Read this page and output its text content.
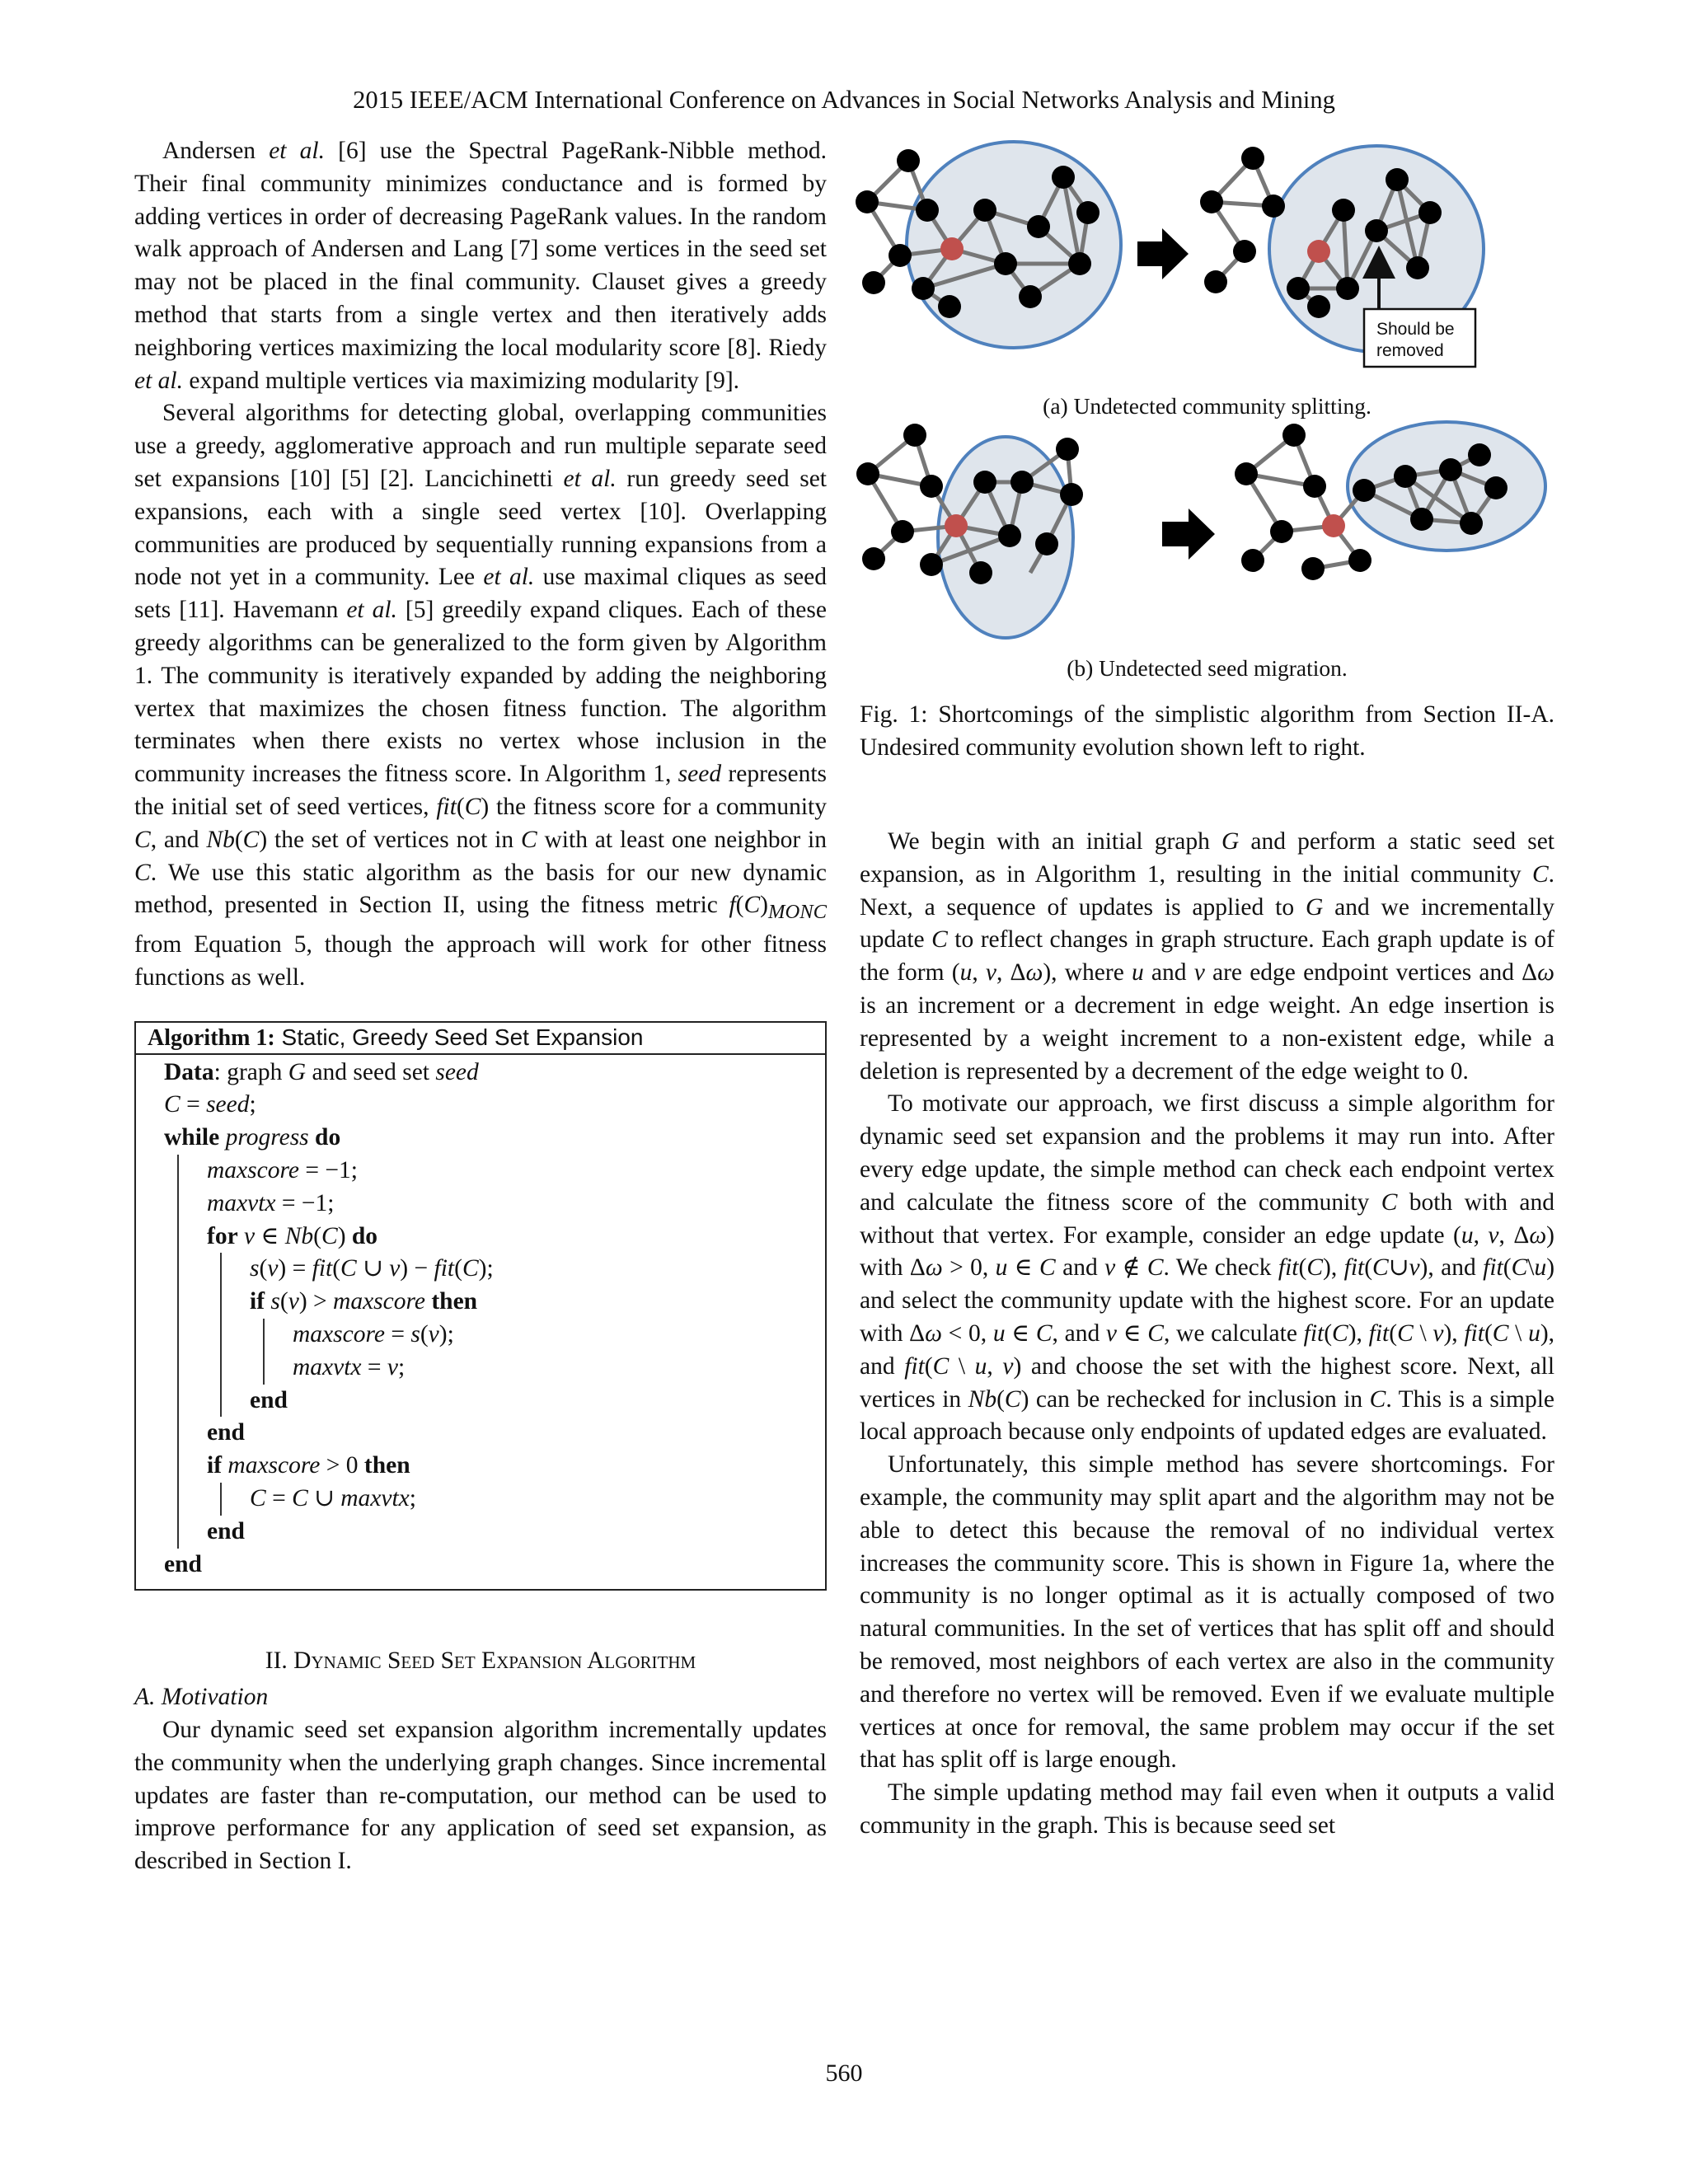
2015 IEEE/ACM International Conference on Advances in Social Networks Analysis and Mining

Andersen et al. [6] use the Spectral PageRank-Nibble method. Their final community minimizes conductance and is formed by adding vertices in order of decreasing PageRank values. In the random walk approach of Andersen and Lang [7] some vertices in the seed set may not be placed in the final community. Clauset gives a greedy method that starts from a single vertex and then iteratively adds neighboring vertices maximizing the local modularity score [8]. Riedy et al. expand multiple vertices via maximizing modularity [9].

Several algorithms for detecting global, overlapping communities use a greedy, agglomerative approach and run multiple separate seed set expansions [10] [5] [2]. Lancichinetti et al. run greedy seed set expansions, each with a single seed vertex [10]. Overlapping communities are produced by sequentially running expansions from a node not yet in a community. Lee et al. use maximal cliques as seed sets [11]. Havemann et al. [5] greedily expand cliques. Each of these greedy algorithms can be generalized to the form given by Algorithm 1. The community is iteratively expanded by adding the neighboring vertex that maximizes the chosen fitness function. The algorithm terminates when there exists no vertex whose inclusion in the community increases the fitness score. In Algorithm 1, seed represents the initial set of seed vertices, fit(C) the fitness score for a community C, and Nb(C) the set of vertices not in C with at least one neighbor in C. We use this static algorithm as the basis for our new dynamic method, presented in Section II, using the fitness metric $f(C)_{MONC}$ from Equation 5, though the approach will work for other fitness functions as well.

Algorithm 1: Static, Greedy Seed Set Expansion
Data: graph G and seed set seed
C = seed;
while progress do
maxscore = −1;
maxvtx = −1;
for v ∈ Nb(C) do
s(v) = fit(C ∪ v) − fit(C);
if s(v) > maxscore then
maxscore = s(v);
maxvtx = v;
end
end
if maxscore > 0 then
C = C ∪ maxvtx;
end
end
II. Dynamic Seed Set Expansion Algorithm
A. Motivation

Our dynamic seed set expansion algorithm incrementally updates the community when the underlying graph changes. Since incremental updates are faster than re-computation, our method can be used to improve performance for any application of seed set expansion, as described in Section I.

Should be
removed
(a) Undetected community splitting.
(b) Undetected seed migration.
Fig. 1: Shortcomings of the simplistic algorithm from Section II-A. Undesired community evolution shown left to right.

We begin with an initial graph G and perform a static seed set expansion, as in Algorithm 1, resulting in the initial community C. Next, a sequence of updates is applied to G and we incrementally update C to reflect changes in graph structure. Each graph update is of the form (u, v, Δω), where u and v are edge endpoint vertices and Δω is an increment or a decrement in edge weight. An edge insertion is represented by a weight increment to a non-existent edge, while a deletion is represented by a decrement of the edge weight to 0.

To motivate our approach, we first discuss a simple algorithm for dynamic seed set expansion and the problems it may run into. After every edge update, the simple method can check each endpoint vertex and calculate the fitness score of the community C both with and without that vertex. For example, consider an edge update (u, v, Δω) with Δω > 0, u ∈ C and v ∉ C. We check fit(C), fit(C∪v), and fit(C\u) and select the community update with the highest score. For an update with Δω < 0, u ∈ C, and v ∈ C, we calculate fit(C), fit(C \ v), fit(C \ u), and fit(C \ u, v) and choose the set with the highest score. Next, all vertices in Nb(C) can be rechecked for inclusion in C. This is a simple local approach because only endpoints of updated edges are evaluated.

Unfortunately, this simple method has severe shortcomings. For example, the community may split apart and the algorithm may not be able to detect this because the removal of no individual vertex increases the community score. This is shown in Figure 1a, where the community is no longer optimal as it is actually composed of two natural communities. In the set of vertices that has split off and should be removed, most neighbors of each vertex are also in the community and therefore no vertex will be removed. Even if we evaluate multiple vertices at once for removal, the same problem may occur if the set that has split off is large enough.

The simple updating method may fail even when it outputs a valid community in the graph. This is because seed set

560
